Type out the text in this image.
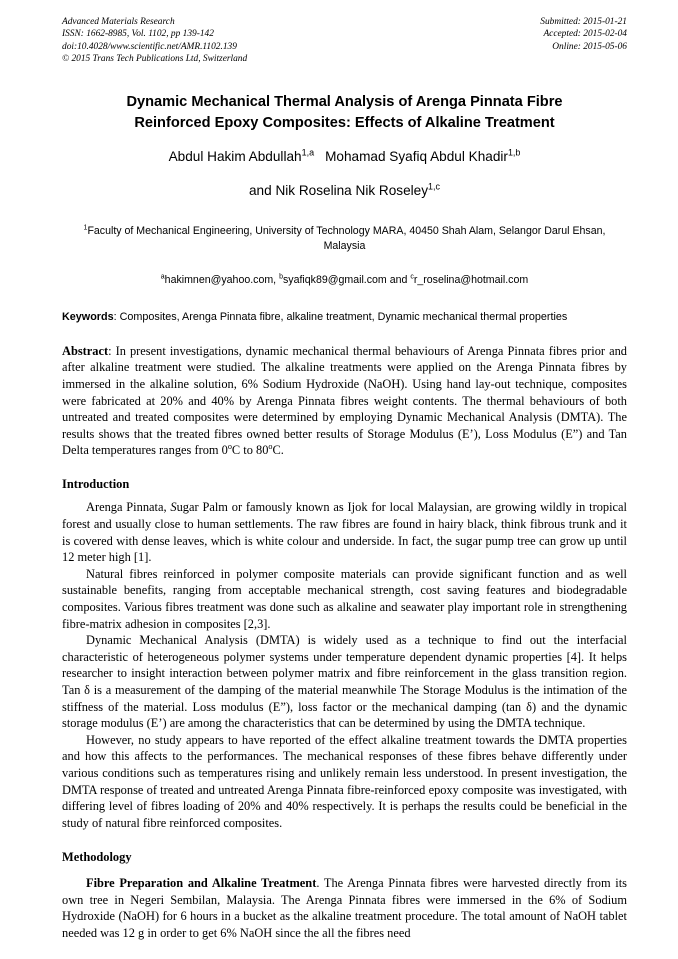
Advanced Materials Research
ISSN: 1662-8985, Vol. 1102, pp 139-142
doi:10.4028/www.scientific.net/AMR.1102.139
© 2015 Trans Tech Publications Ltd, Switzerland
Submitted: 2015-01-21
Accepted: 2015-02-04
Online: 2015-05-06
Dynamic Mechanical Thermal Analysis of Arenga Pinnata Fibre
Reinforced Epoxy Composites: Effects of Alkaline Treatment
Abdul Hakim Abdullah$^{1,a}$ Mohamad Syafiq Abdul Khadir$^{1,b}$
and Nik Roselina Nik Roseley$^{1,c}$
$^1$Faculty of Mechanical Engineering, University of Technology MARA, 40450 Shah Alam, Selangor Darul Ehsan, Malaysia
$^a$hakimnen@yahoo.com, $^b$syafiqk89@gmail.com and $^c$r_roselina@hotmail.com
Keywords: Composites, Arenga Pinnata fibre, alkaline treatment, Dynamic mechanical thermal properties
Abstract: In present investigations, dynamic mechanical thermal behaviours of Arenga Pinnata fibres prior and after alkaline treatment were studied. The alkaline treatments were applied on the Arenga Pinnata fibres by immersed in the alkaline solution, 6% Sodium Hydroxide (NaOH). Using hand lay-out technique, composites were fabricated at 20% and 40% by Arenga Pinnata fibres weight contents. The thermal behaviours of both untreated and treated composites were determined by employing Dynamic Mechanical Analysis (DMTA). The results shows that the treated fibres owned better results of Storage Modulus (E’), Loss Modulus (E”) and Tan Delta temperatures ranges from 0$^o$C to 80$^o$C.
Introduction

Arenga Pinnata, Sugar Palm or famously known as Ijok for local Malaysian, are growing wildly in tropical forest and usually close to human settlements. The raw fibres are found in hairy black, think fibrous trunk and it is covered with dense leaves, which is white colour and underside. In fact, the sugar pump tree can grow up until 12 meter high [1].

Natural fibres reinforced in polymer composite materials can provide significant function and as well sustainable benefits, ranging from acceptable mechanical strength, cost saving features and biodegradable composites. Various fibres treatment was done such as alkaline and seawater play important role in strengthening fibre-matrix adhesion in composites [2,3].

Dynamic Mechanical Analysis (DMTA) is widely used as a technique to find out the interfacial characteristic of heterogeneous polymer systems under temperature dependent dynamic properties [4]. It helps researcher to insight interaction between polymer matrix and fibre reinforcement in the glass transition region. Tan δ is a measurement of the damping of the material meanwhile The Storage Modulus is the intimation of the stiffness of the material. Loss modulus (E”), loss factor or the mechanical damping (tan δ) and the dynamic storage modulus (E’) are among the characteristics that can be determined by using the DMTA technique.

However, no study appears to have reported of the effect alkaline treatment towards the DMTA properties and how this affects to the performances. The mechanical responses of these fibres behave differently under various conditions such as temperatures rising and unlikely remain less understood. In present investigation, the DMTA response of treated and untreated Arenga Pinnata fibre-reinforced epoxy composite was investigated, with differing level of fibres loading of 20% and 40% respectively. It is perhaps the results could be beneficial in the study of natural fibre reinforced composites.

Methodology

Fibre Preparation and Alkaline Treatment. The Arenga Pinnata fibres were harvested directly from its own tree in Negeri Sembilan, Malaysia. The Arenga Pinnata fibres were immersed in the 6% of Sodium Hydroxide (NaOH) for 6 hours in a bucket as the alkaline treatment procedure. The total amount of NaOH tablet needed was 12 g in order to get 6% NaOH since the all the fibres need
